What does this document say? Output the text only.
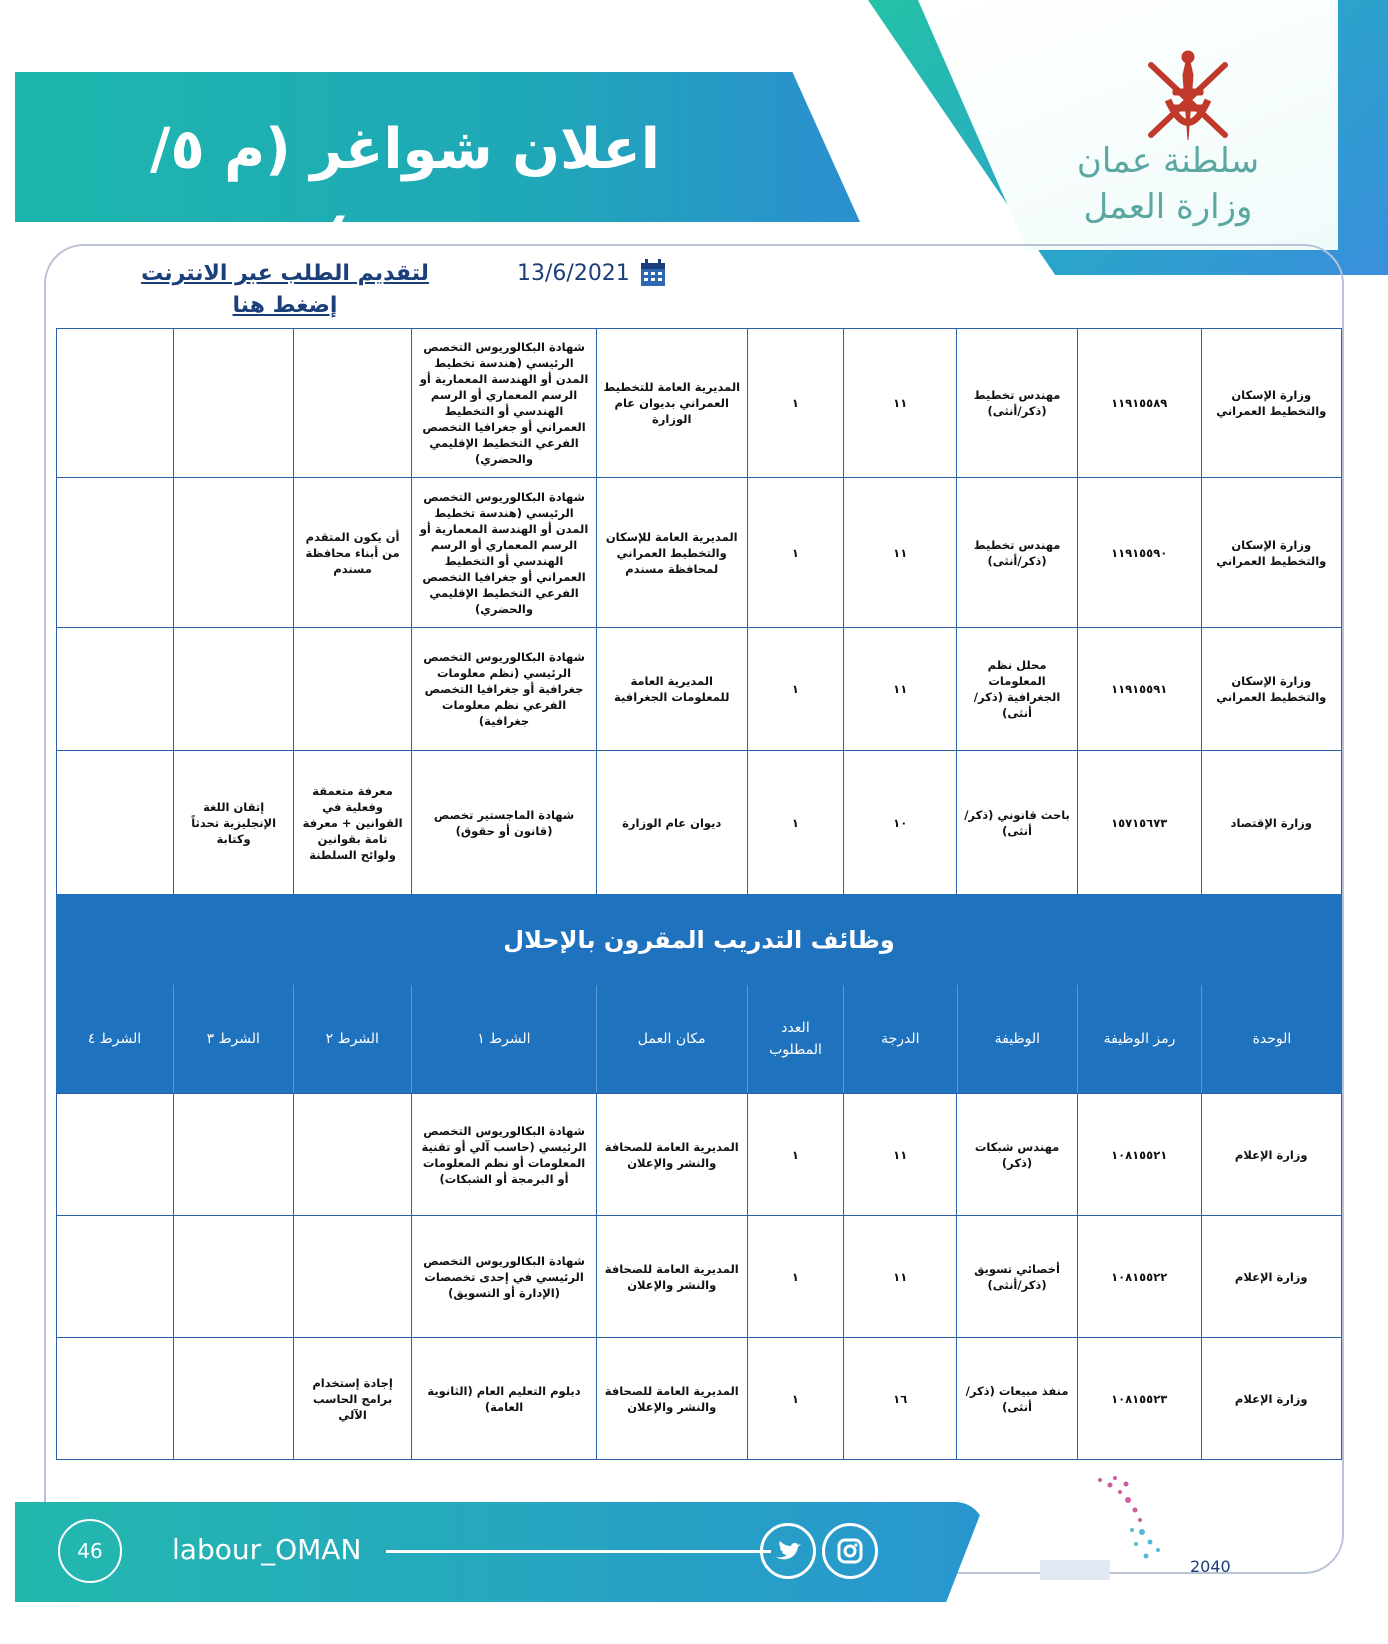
سلطنة عمان
وزارة العمل
اعلان شواغر (م ٥/ ٢٠٢١)
لتقديم الطلب عبر الانترنت إضغط هنا
13/6/2021
			شهادة البكالوريوس التخصص الرئيسي (هندسة تخطيط المدن أو الهندسة المعمارية أو الرسم المعماري أو الرسم الهندسي أو التخطيط العمراني أو جغرافيا التخصص الفرعي التخطيط الإقليمي والحضري)	المديرية العامة للتخطيط العمراني بديوان عام الوزارة	١	١١	مهندس تخطيط (ذكر/أنثى)	١١٩١٥٥٨٩	وزارة الإسكان والتخطيط العمراني
		أن يكون المتقدم من أبناء محافظة مسندم	شهادة البكالوريوس التخصص الرئيسي (هندسة تخطيط المدن أو الهندسة المعمارية أو الرسم المعماري أو الرسم الهندسي أو التخطيط العمراني أو جغرافيا التخصص الفرعي التخطيط الإقليمي والحضري)	المديرية العامة للإسكان والتخطيط العمراني لمحافظة مسندم	١	١١	مهندس تخطيط (ذكر/أنثى)	١١٩١٥٥٩٠	وزارة الإسكان والتخطيط العمراني
			شهادة البكالوريوس التخصص الرئيسي (نظم معلومات جغرافية أو جغرافيا التخصص الفرعي نظم معلومات جغرافية)	المديرية العامة للمعلومات الجغرافية	١	١١	محلل نظم المعلومات الجغرافية (ذكر/ أنثى)	١١٩١٥٥٩١	وزارة الإسكان والتخطيط العمراني
	إتقان اللغة الإنجليزية تحدثاً وكتابة	معرفة متعمقة وفعلية في القوانين + معرفة تامة بقوانين ولوائح السلطنة	شهادة الماجستير تخصص (قانون أو حقوق)	ديوان عام الوزارة	١	١٠	باحث قانوني (ذكر/أنثى)	١٥٧١٥٦٧٣	وزارة الإقتصاد
وظائف التدريب المقرون بالإحلال
الشرط ٤	الشرط ٣	الشرط ٢	الشرط ١	مكان العمل	العدد المطلوب	الدرجة	الوظيفة	رمز الوظيفة	الوحدة
			شهادة البكالوريوس التخصص الرئيسي (حاسب آلي أو تقنية المعلومات أو نظم المعلومات أو البرمجة أو الشبكات)	المديرية العامة للصحافة والنشر والإعلان	١	١١	مهندس شبكات (ذكر)	١٠٨١٥٥٢١	وزارة الإعلام
			شهادة البكالوريوس التخصص الرئيسي في إحدى تخصصات (الإدارة أو التسويق)	المديرية العامة للصحافة والنشر والإعلان	١	١١	أخصائي تسويق (ذكر/أنثى)	١٠٨١٥٥٢٢	وزارة الإعلام
		إجادة إستخدام برامج الحاسب الآلي	دبلوم التعليم العام (الثانوية العامة)	المديرية العامة للصحافة والنشر والإعلان	١	١٦	منفذ مبيعات (ذكر/أنثى)	١٠٨١٥٥٢٣	وزارة الإعلام
46	labour_OMAN
2040
